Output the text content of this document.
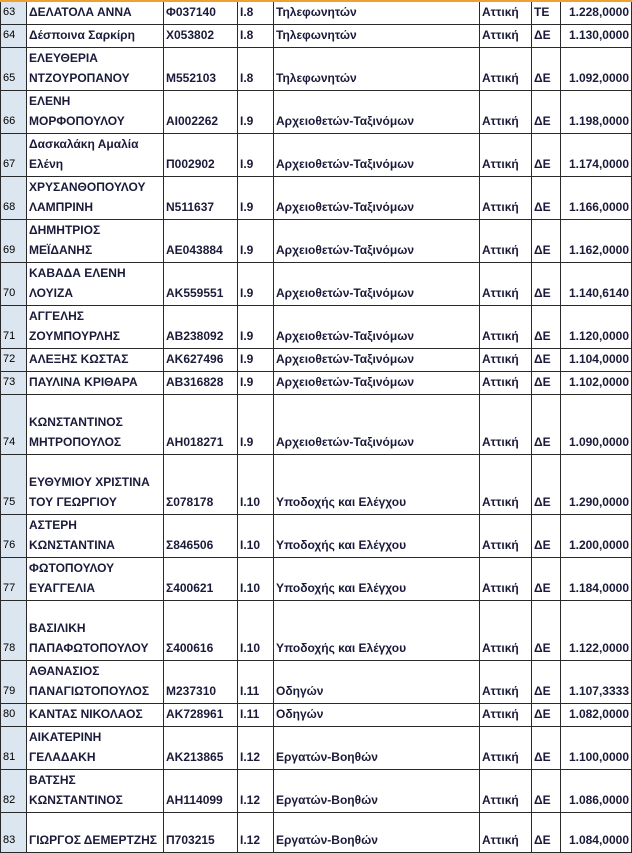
63	ΔΕΛΑΤΟΛΑ ΑΝΝΑ	Φ037140	Ι.8	Τηλεφωνητών	Αττική	ΤΕ	1.228,0000
64	Δέσποινα Σαρκίρη	Χ053802	Ι.8	Τηλεφωνητών	Αττική	ΔΕ	1.130,0000
65	ΕΛΕΥΘΕΡΙΑ ΝΤΖΟΥΡΟΠΑΝΟΥ	Μ552103	Ι.8	Τηλεφωνητών	Αττική	ΔΕ	1.092,0000
66	ΕΛΕΝΗ ΜΟΡΦΟΠΟΥΛΟΥ	ΑΙ002262	Ι.9	Αρχειοθετών-Ταξινόμων	Αττική	ΔΕ	1.198,0000
67	Δασκαλάκη Αμαλία Ελένη	Π002902	Ι.9	Αρχειοθετών-Ταξινόμων	Αττική	ΔΕ	1.174,0000
68	ΧΡΥΣΑΝΘΟΠΟΥΛΟΥ ΛΑΜΠΡΙΝΗ	Ν511637	Ι.9	Αρχειοθετών-Ταξινόμων	Αττική	ΔΕ	1.166,0000
69	ΔΗΜΗΤΡΙΟΣ ΜΕΪΔΑΝΗΣ	ΑΕ043884	Ι.9	Αρχειοθετών-Ταξινόμων	Αττική	ΔΕ	1.162,0000
70	ΚΑΒΑΔΑ ΕΛΕΝΗ ΛΟΥΙΖΑ	ΑΚ559551	Ι.9	Αρχειοθετών-Ταξινόμων	Αττική	ΔΕ	1.140,6140
71	ΑΓΓΕΛΗΣ ΖΟΥΜΠΟΥΡΛΗΣ	ΑΒ238092	Ι.9	Αρχειοθετών-Ταξινόμων	Αττική	ΔΕ	1.120,0000
72	ΑΛΕΞΗΣ ΚΩΣΤΑΣ	ΑΚ627496	Ι.9	Αρχειοθετών-Ταξινόμων	Αττική	ΔΕ	1.104,0000
73	ΠΑΥΛΙΝΑ ΚΡΙΘΑΡΑ	ΑΒ316828	Ι.9	Αρχειοθετών-Ταξινόμων	Αττική	ΔΕ	1.102,0000
74	ΚΩΝΣΤΑΝΤΙΝΟΣ ΜΗΤΡΟΠΟΥΛΟΣ	ΑΗ018271	Ι.9	Αρχειοθετών-Ταξινόμων	Αττική	ΔΕ	1.090,0000
75	ΕΥΘΥΜΙΟΥ ΧΡΙΣΤΙΝΑ ΤΟΥ ΓΕΩΡΓΙΟΥ	Σ078178	Ι.10	Υποδοχής και Ελέγχου	Αττική	ΔΕ	1.290,0000
76	ΑΣΤΕΡΗ ΚΩΝΣΤΑΝΤΙΝΑ	Σ846506	Ι.10	Υποδοχής και Ελέγχου	Αττική	ΔΕ	1.200,0000
77	ΦΩΤΟΠΟΥΛΟΥ ΕΥΑΓΓΕΛΙΑ	Σ400621	Ι.10	Υποδοχής και Ελέγχου	Αττική	ΔΕ	1.184,0000
78	ΒΑΣΙΛΙΚΗ ΠΑΠΑΦΩΤΟΠΟΥΛΟΥ	Σ400616	Ι.10	Υποδοχής και Ελέγχου	Αττική	ΔΕ	1.122,0000
79	ΑΘΑΝΑΣΙΟΣ ΠΑΝΑΓΙΩΤΟΠΟΥΛΟΣ	Μ237310	Ι.11	Οδηγών	Αττική	ΔΕ	1.107,3333
80	ΚΑΝΤΑΣ ΝΙΚΟΛΑΟΣ	ΑΚ728961	Ι.11	Οδηγών	Αττική	ΔΕ	1.082,0000
81	ΑΙΚΑΤΕΡΙΝΗ ΓΕΛΑΔΑΚΗ	ΑΚ213865	Ι.12	Εργατών-Βοηθών	Αττική	ΔΕ	1.100,0000
82	ΒΑΤΣΗΣ ΚΩΝΣΤΑΝΤΙΝΟΣ	ΑΗ114099	Ι.12	Εργατών-Βοηθών	Αττική	ΔΕ	1.086,0000
83	ΓΙΩΡΓΟΣ ΔΕΜΕΡΤΖΗΣ	Π703215	Ι.12	Εργατών-Βοηθών	Αττική	ΔΕ	1.084,0000
